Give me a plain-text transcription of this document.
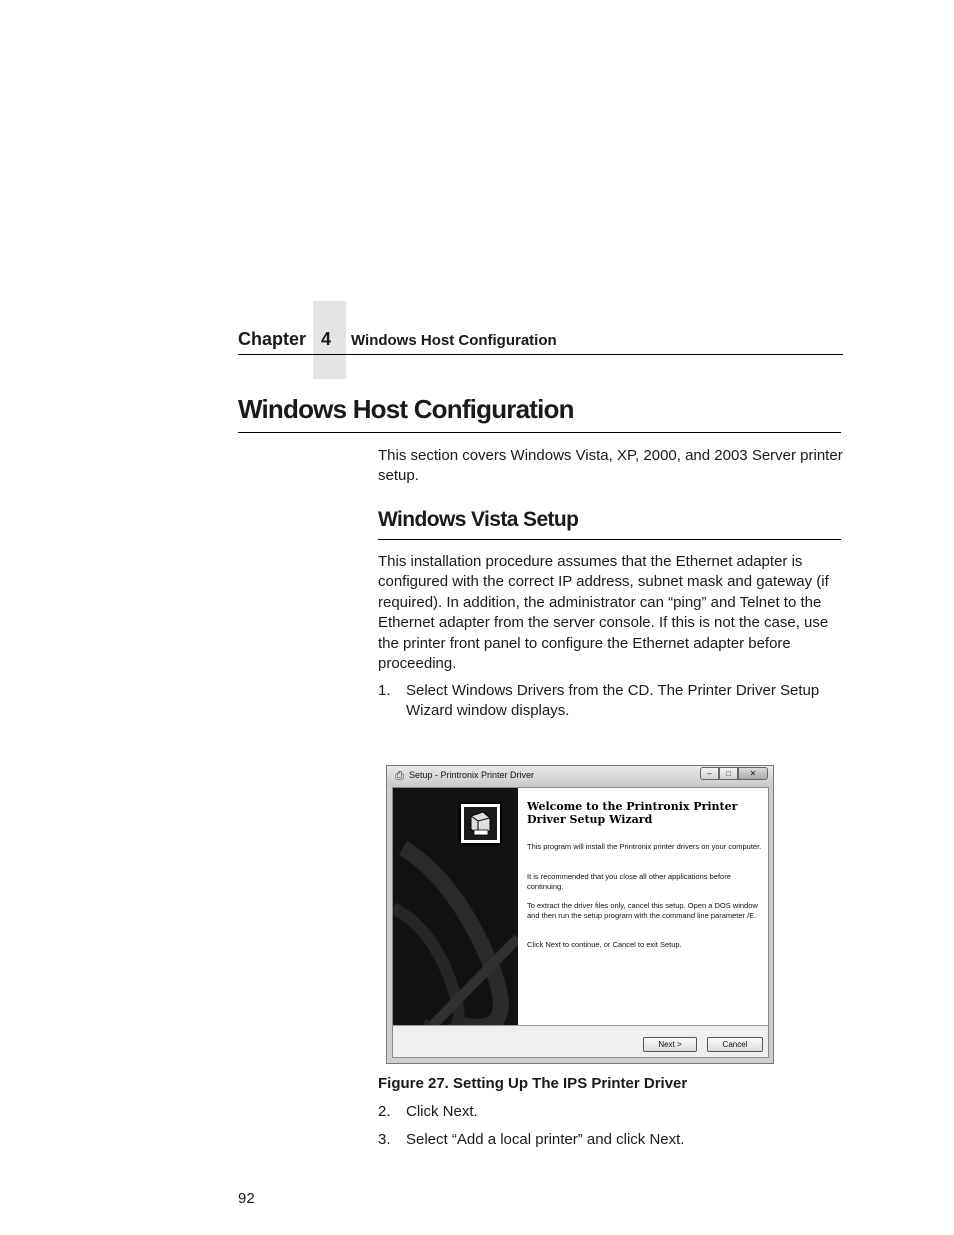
Chapter 4 Windows Host Configuration
Windows Host Configuration
This section covers Windows Vista, XP, 2000, and 2003 Server printer setup.
Windows Vista Setup
This installation procedure assumes that the Ethernet adapter is configured with the correct IP address, subnet mask and gateway (if required). In addition, the administrator can “ping” and Telnet to the Ethernet adapter from the server console. If this is not the case, use the printer front panel to configure the Ethernet adapter before proceeding.
1. Select Windows Drivers from the CD. The Printer Driver Setup Wizard window displays.
⎙ Setup - Printronix Printer Driver	–	□	✕
Welcome to the Printronix Printer Driver Setup Wizard
This program will install the Printronix printer drivers on your computer.
It is recommended that you close all other applications before continuing.
To extract the driver files only, cancel this setup. Open a DOS window and then run the setup program with the command line parameter /E.
Click Next to continue, or Cancel to exit Setup.
Next >	Cancel
Figure 27. Setting Up The IPS Printer Driver
2. Click Next.
3. Select “Add a local printer” and click Next.
92
